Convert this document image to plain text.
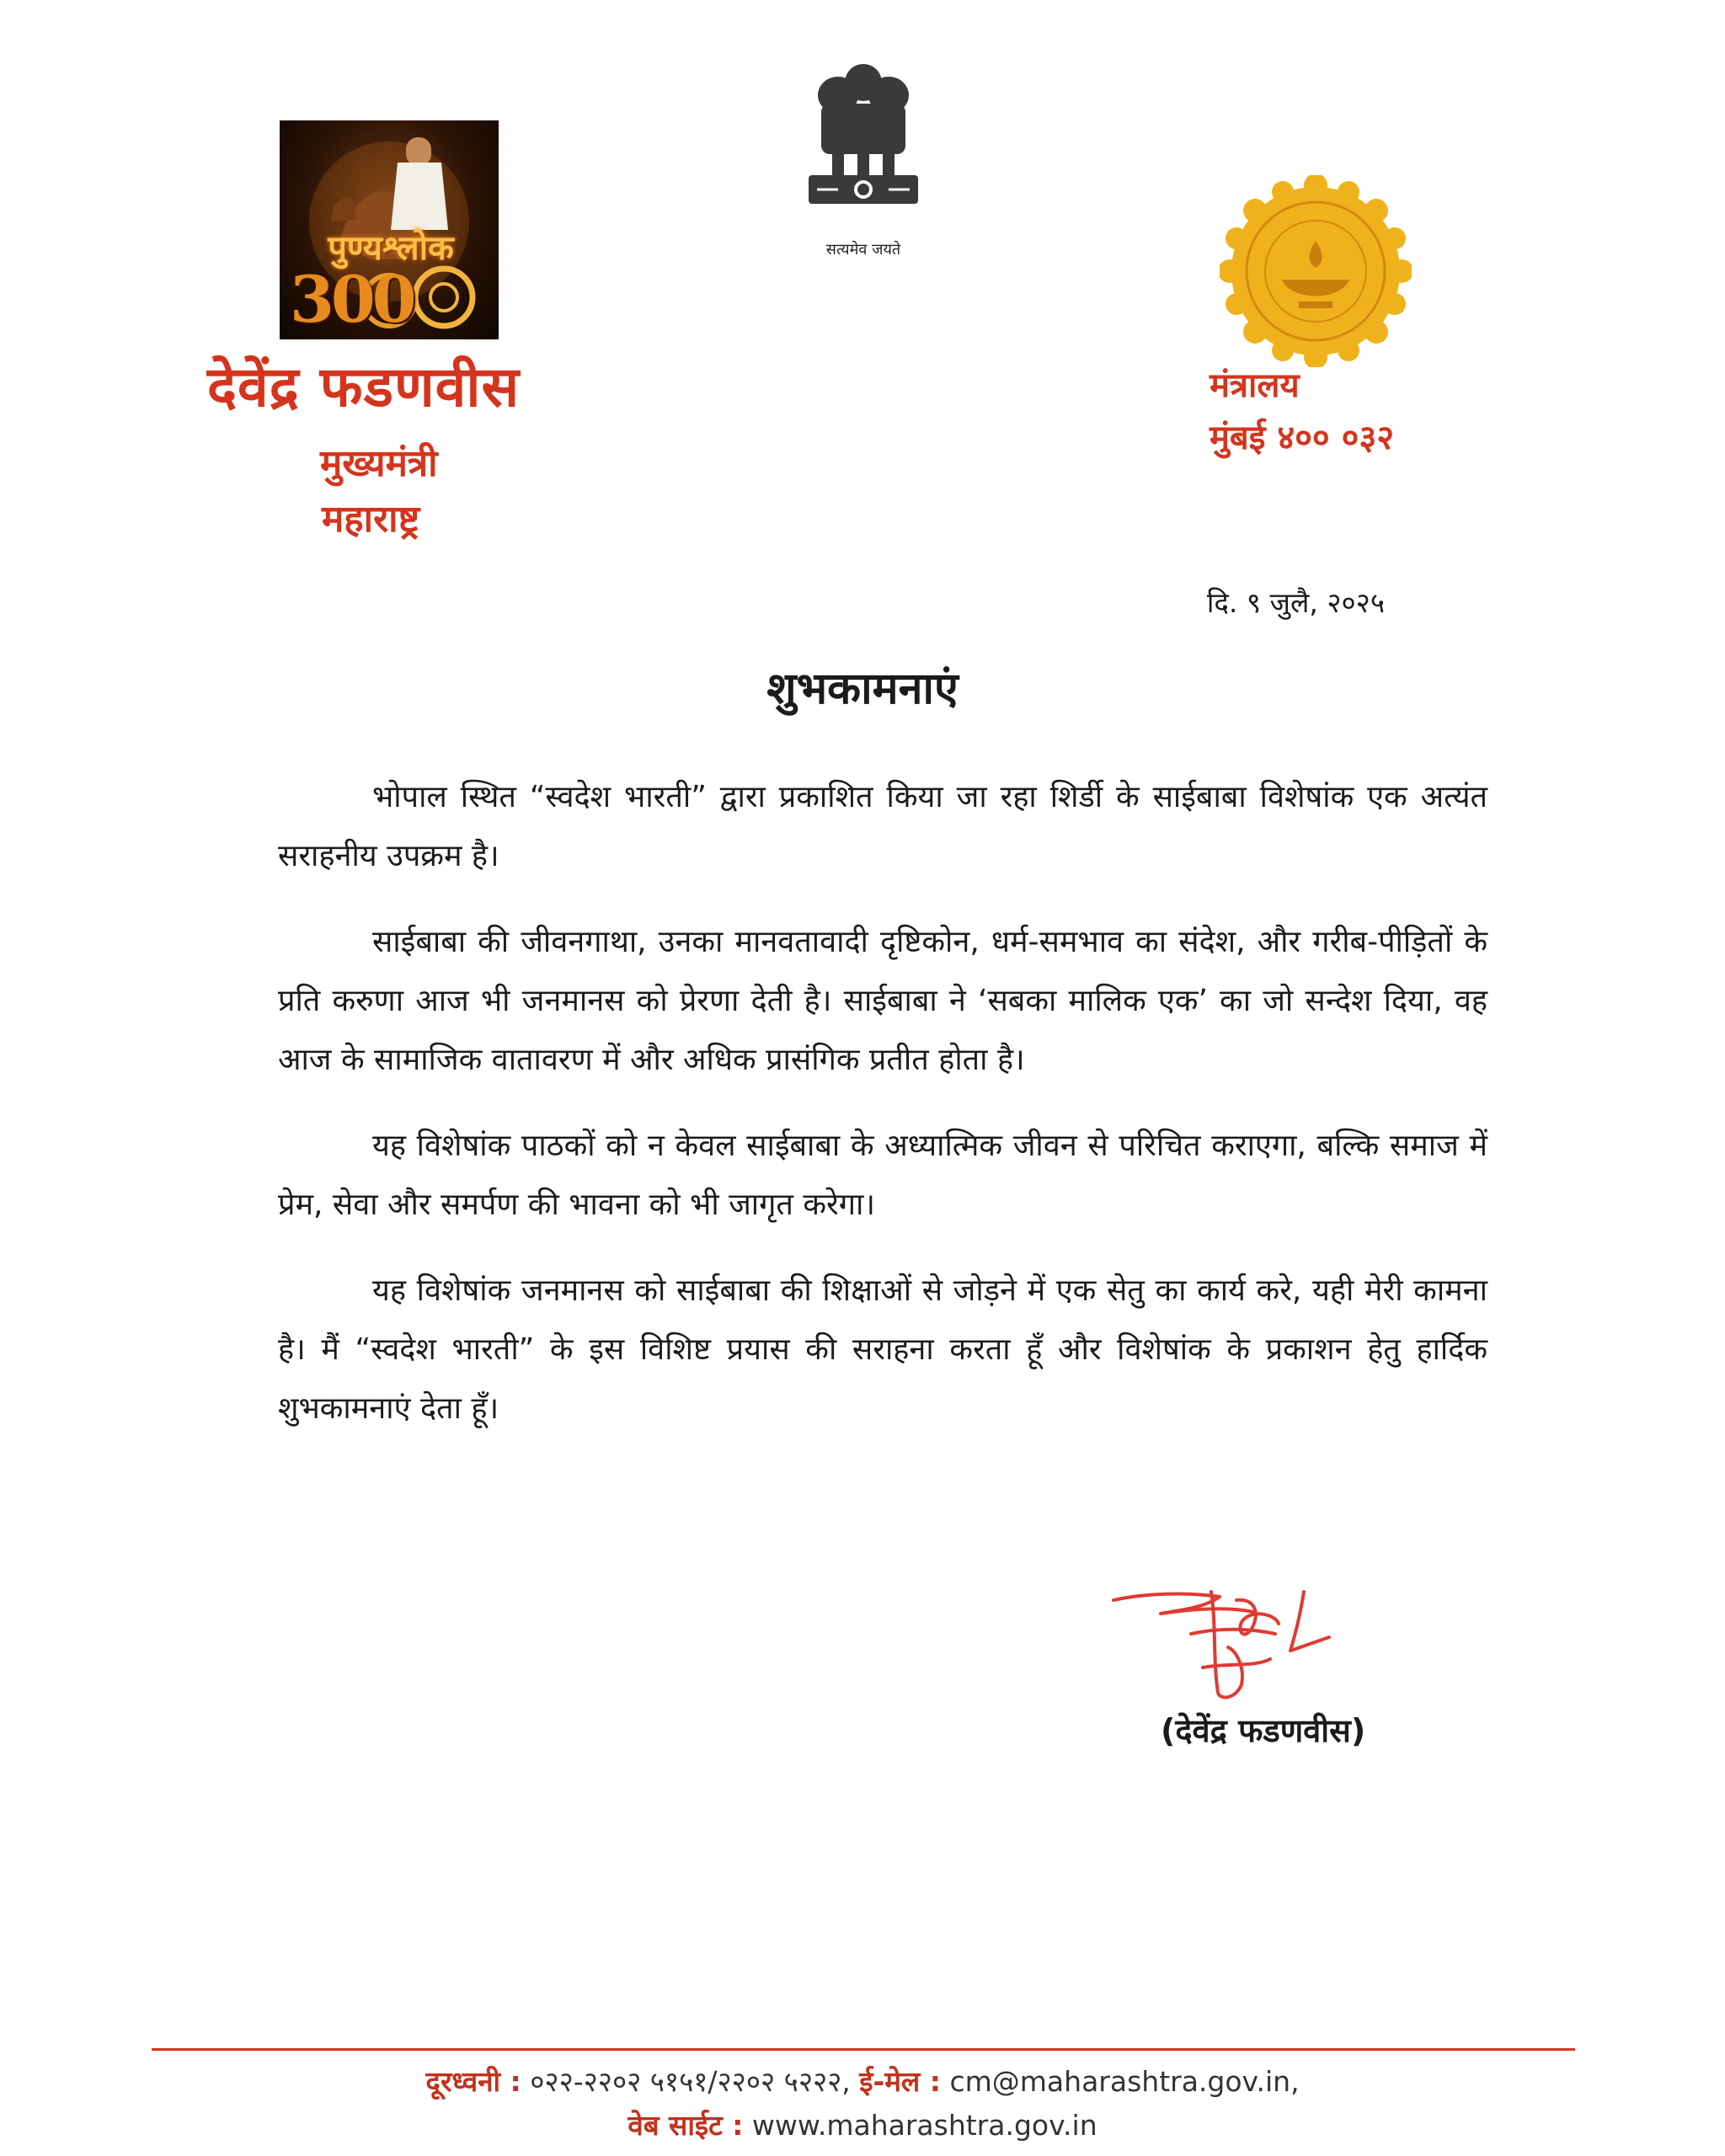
पुण्यश्लोक
300
सत्यमेव जयते
देवेंद्र फडणवीस
मुख्यमंत्री
महाराष्ट्र
मंत्रालय
मुंबई ४०० ०३२
दि. ९ जुलै, २०२५
शुभकामनाएं

भोपाल स्थित “स्वदेश भारती” द्वारा प्रकाशित किया जा रहा शिर्डी के साईबाबा विशेषांक एक अत्यंत सराहनीय उपक्रम है।

साईबाबा की जीवनगाथा, उनका मानवतावादी दृष्टिकोन, धर्म-समभाव का संदेश, और गरीब-पीड़ितों के प्रति करुणा आज भी जनमानस को प्रेरणा देती है। साईबाबा ने ‘सबका मालिक एक’ का जो सन्देश दिया, वह आज के सामाजिक वातावरण में और अधिक प्रासंगिक प्रतीत होता है।

यह विशेषांक पाठकों को न केवल साईबाबा के अध्यात्मिक जीवन से परिचित कराएगा, बल्कि समाज में प्रेम, सेवा और समर्पण की भावना को भी जागृत करेगा।

यह विशेषांक जनमानस को साईबाबा की शिक्षाओं से जोड़ने में एक सेतु का कार्य करे, यही मेरी कामना है। मैं “स्वदेश भारती” के इस विशिष्ट प्रयास की सराहना करता हूँ और विशेषांक के प्रकाशन हेतु हार्दिक शुभकामनाएं देता हूँ।

(देवेंद्र फडणवीस)
दूरध्वनी : ०२२-२२०२ ५१५१/२२०२ ५२२२, ई-मेल : cm@maharashtra.gov.in,
वेब साईट : www.maharashtra.gov.in
